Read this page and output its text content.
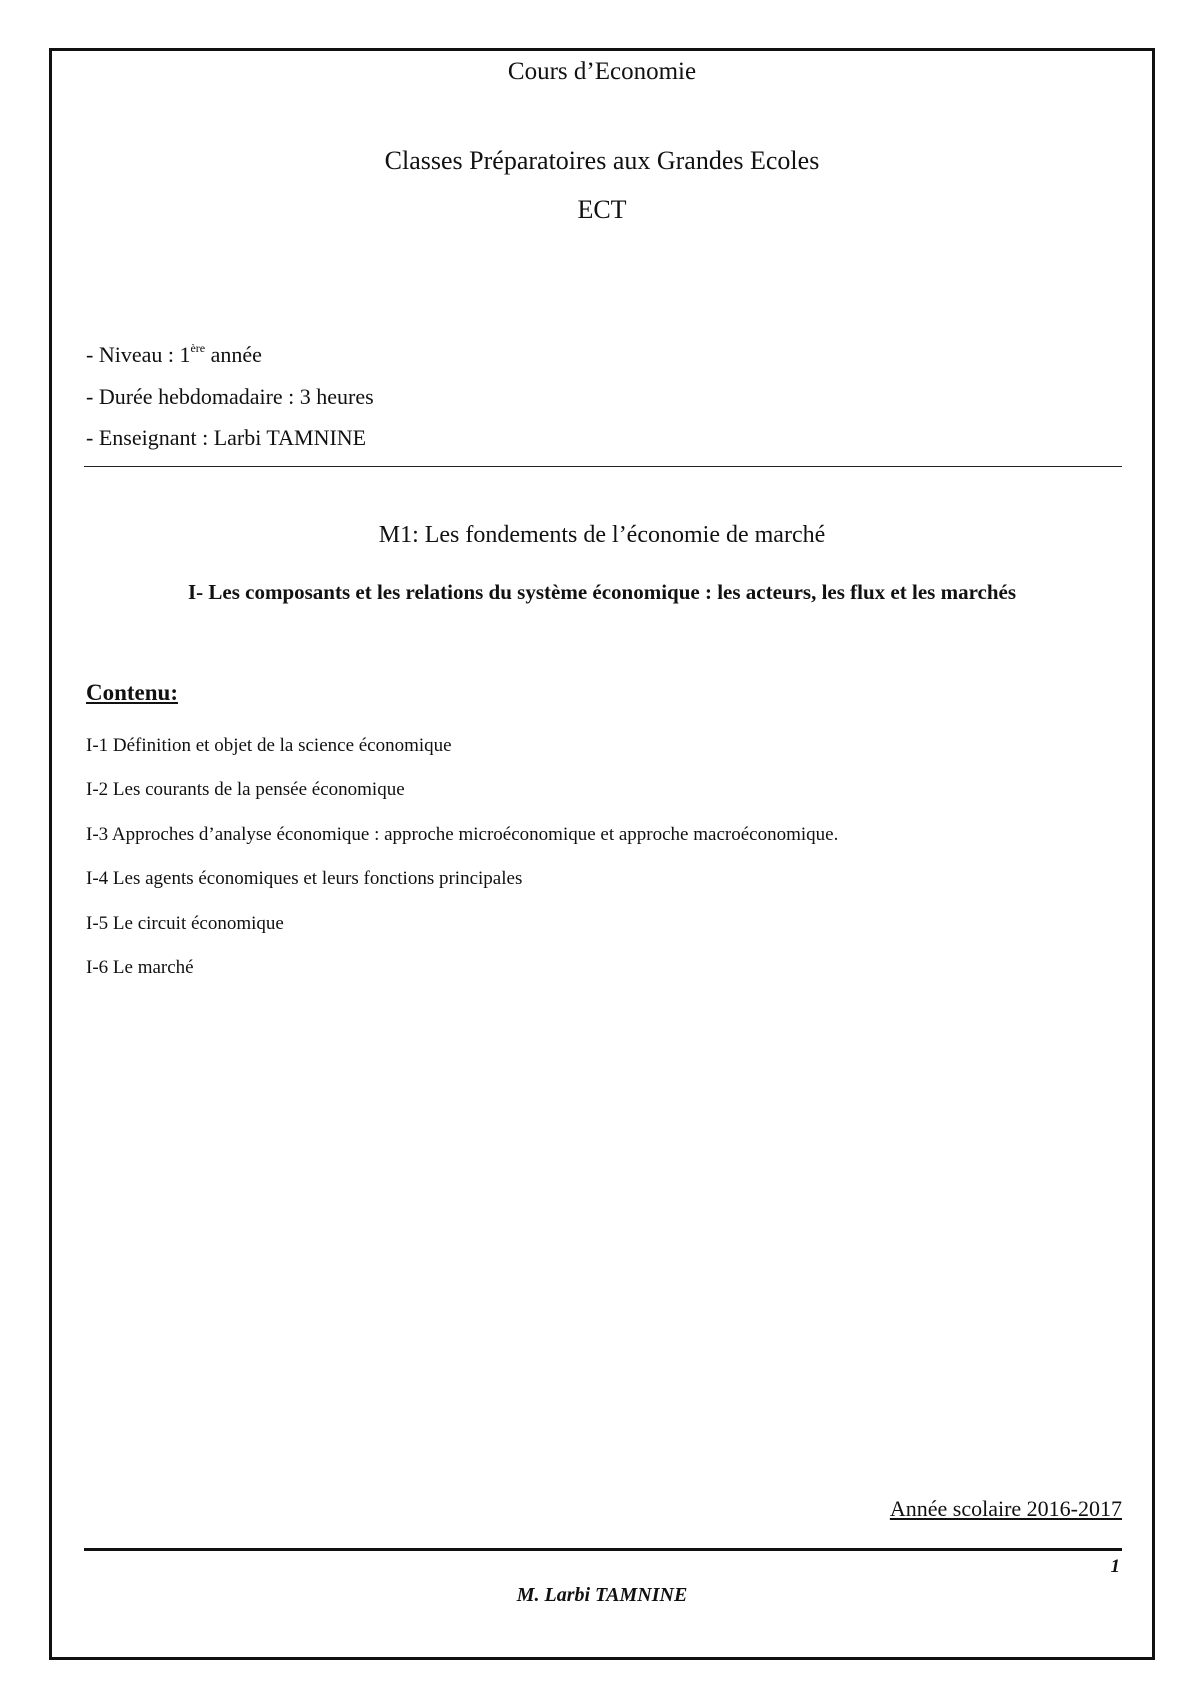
Cours d’Economie

Classes Préparatoires aux Grandes Ecoles

ECT

- Niveau : 1ère année

- Durée hebdomadaire : 3 heures

- Enseignant : Larbi TAMNINE

M1: Les fondements de l’économie de marché

I- Les composants et les relations du système économique : les acteurs, les flux et les marchés

Contenu:

I-1 Définition et objet de la science économique

I-2 Les courants de la pensée économique

I-3 Approches d’analyse économique : approche microéconomique et approche macroéconomique.

I-4 Les agents économiques et leurs fonctions principales

I-5 Le circuit économique

I-6 Le marché

Année scolaire 2016-2017

1

M. Larbi TAMNINE
